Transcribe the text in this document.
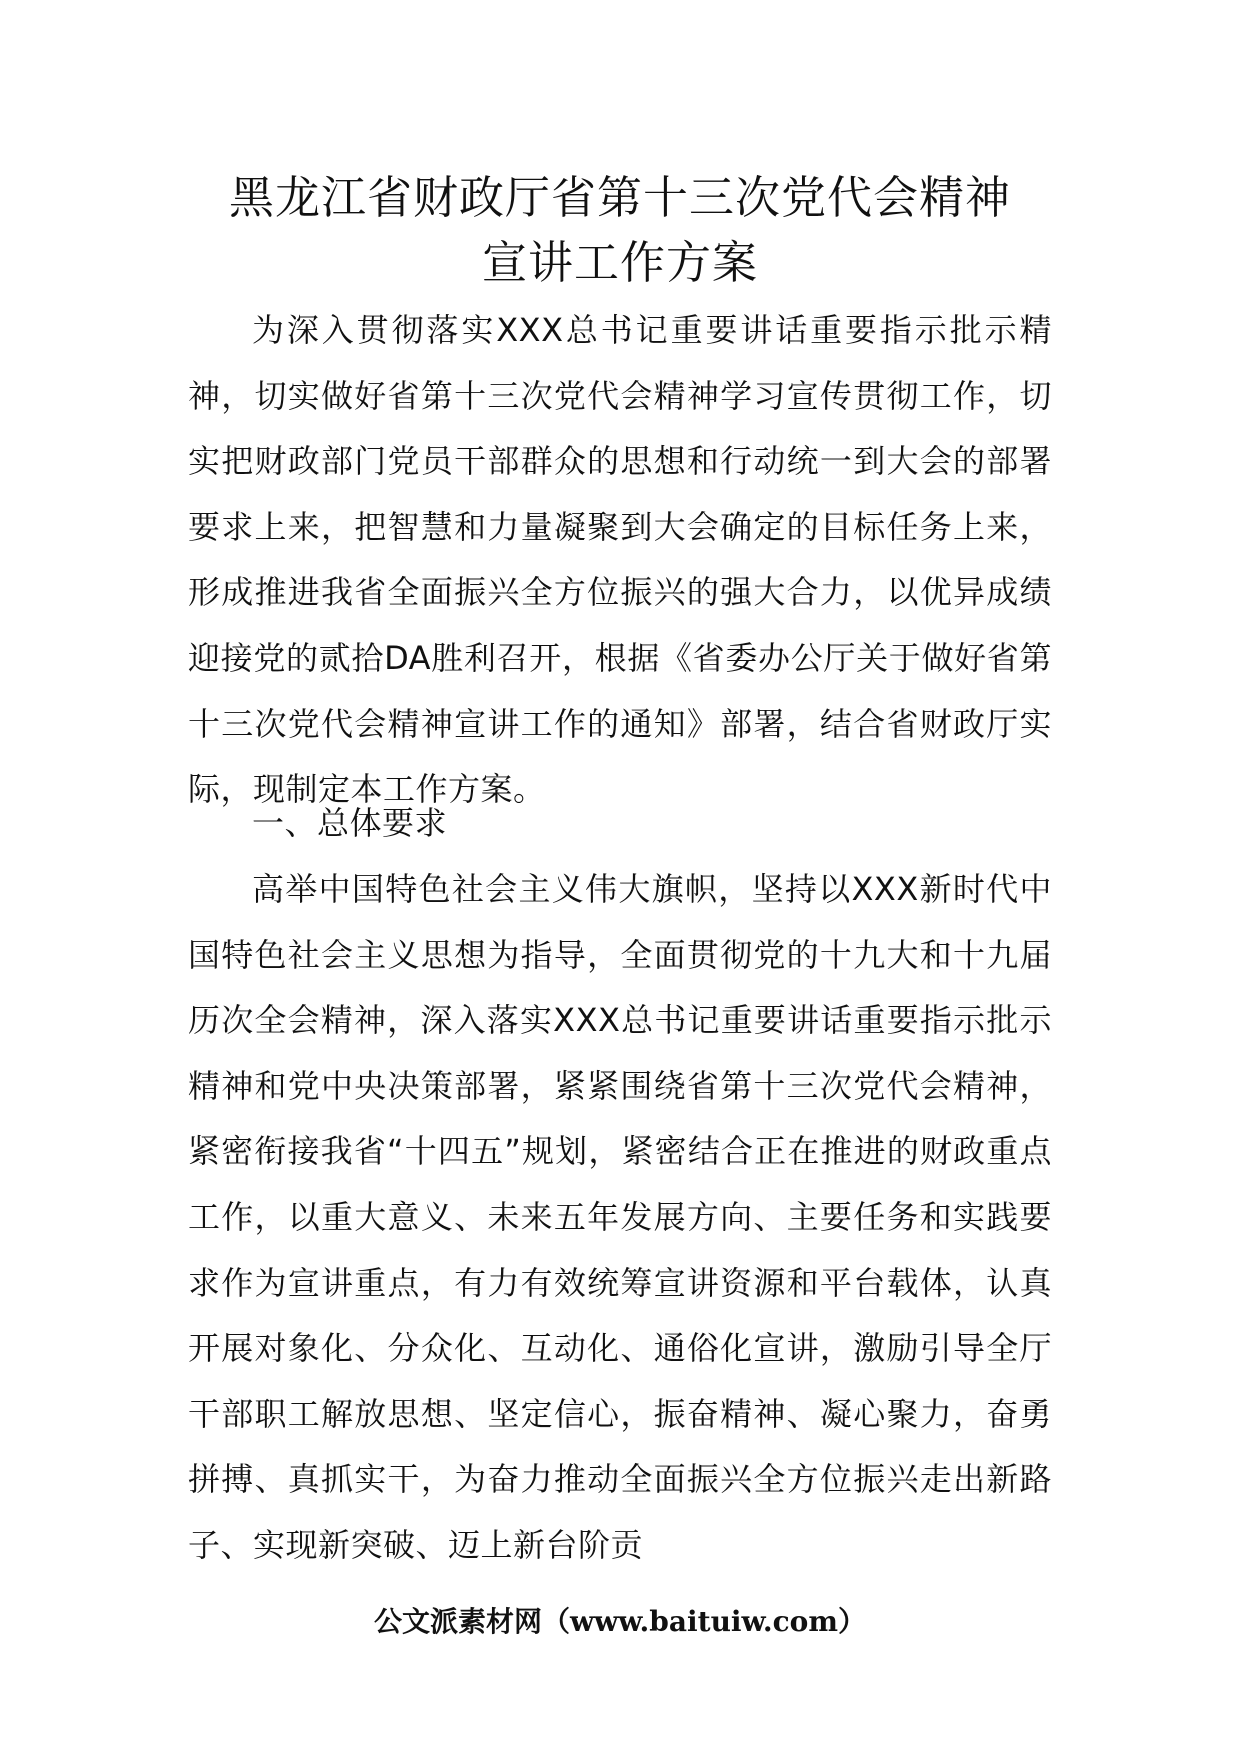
黑龙江省财政厅省第十三次党代会精神
宣讲工作方案

为深入贯彻落实XXX总书记重要讲话重要指示批示精神，切实做好省第十三次党代会精神学习宣传贯彻工作，切实把财政部门党员干部群众的思想和行动统一到大会的部署要求上来，把智慧和力量凝聚到大会确定的目标任务上来，形成推进我省全面振兴全方位振兴的强大合力，以优异成绩迎接党的贰拾DA胜利召开，根据《省委办公厅关于做好省第十三次党代会精神宣讲工作的通知》部署，结合省财政厅实际，现制定本工作方案。

一、总体要求

高举中国特色社会主义伟大旗帜，坚持以XXX新时代中国特色社会主义思想为指导，全面贯彻党的十九大和十九届历次全会精神，深入落实XXX总书记重要讲话重要指示批示精神和党中央决策部署，紧紧围绕省第十三次党代会精神，紧密衔接我省“十四五”规划，紧密结合正在推进的财政重点工作，以重大意义、未来五年发展方向、主要任务和实践要求作为宣讲重点，有力有效统筹宣讲资源和平台载体，认真开展对象化、分众化、互动化、通俗化宣讲，激励引导全厅干部职工解放思想、坚定信心，振奋精神、凝心聚力，奋勇拼搏、真抓实干，为奋力推动全面振兴全方位振兴走出新路子、实现新突破、迈上新台阶贡

公文派素材网（www.baituiw.com）
